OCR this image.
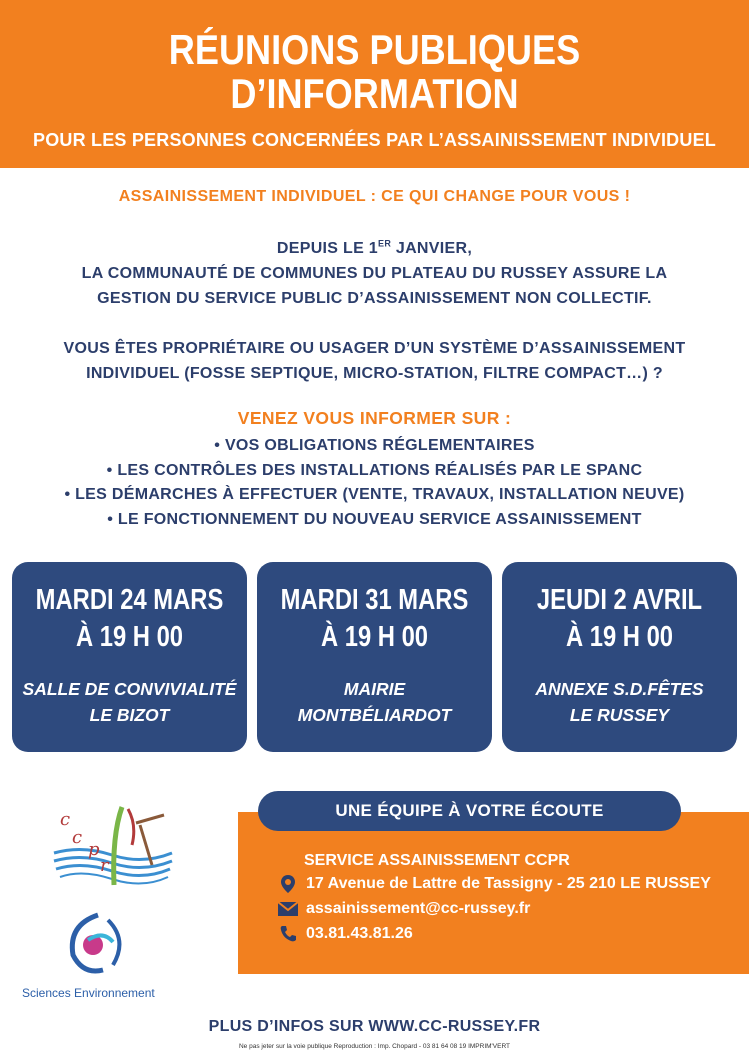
RÉUNIONS PUBLIQUES
D’INFORMATION
POUR LES PERSONNES CONCERNÉES PAR L’ASSAINISSEMENT INDIVIDUEL
ASSAINISSEMENT INDIVIDUEL : CE QUI CHANGE POUR VOUS !
DEPUIS LE 1ER JANVIER,
LA COMMUNAUTÉ DE COMMUNES DU PLATEAU DU RUSSEY ASSURE LA
GESTION DU SERVICE PUBLIC D’ASSAINISSEMENT NON COLLECTIF.
VOUS ÊTES PROPRIÉTAIRE OU USAGER D’UN SYSTÈME D’ASSAINISSEMENT
INDIVIDUEL (FOSSE SEPTIQUE, MICRO-STATION, FILTRE COMPACT…) ?
VENEZ VOUS INFORMER SUR :
• VOS OBLIGATIONS RÉGLEMENTAIRES
• LES CONTRÔLES DES INSTALLATIONS RÉALISÉS PAR LE SPANC
• LES DÉMARCHES À EFFECTUER (VENTE, TRAVAUX, INSTALLATION NEUVE)
• LE FONCTIONNEMENT DU NOUVEAU SERVICE ASSAINISSEMENT
MARDI 24 MARS
À 19 H 00
SALLE DE CONVIVIALITÉ
LE BIZOT
MARDI 31 MARS
À 19 H 00
MAIRIE
MONTBÉLIARDOT
JEUDI 2 AVRIL
À 19 H 00
ANNEXE S.D.FÊTES
LE RUSSEY
c
c
p
r
Sciences Environnement
SERVICE ASSAINISSEMENT CCPR
17 Avenue de Lattre de Tassigny - 25 210 LE RUSSEY
assainissement@cc-russey.fr
03.81.43.81.26
UNE ÉQUIPE À VOTRE ÉCOUTE
PLUS D’INFOS SUR WWW.CC-RUSSEY.FR
Ne pas jeter sur la voie publique Reproduction : Imp. Chopard - 03 81 64 08 19 IMPRIM'VERT
